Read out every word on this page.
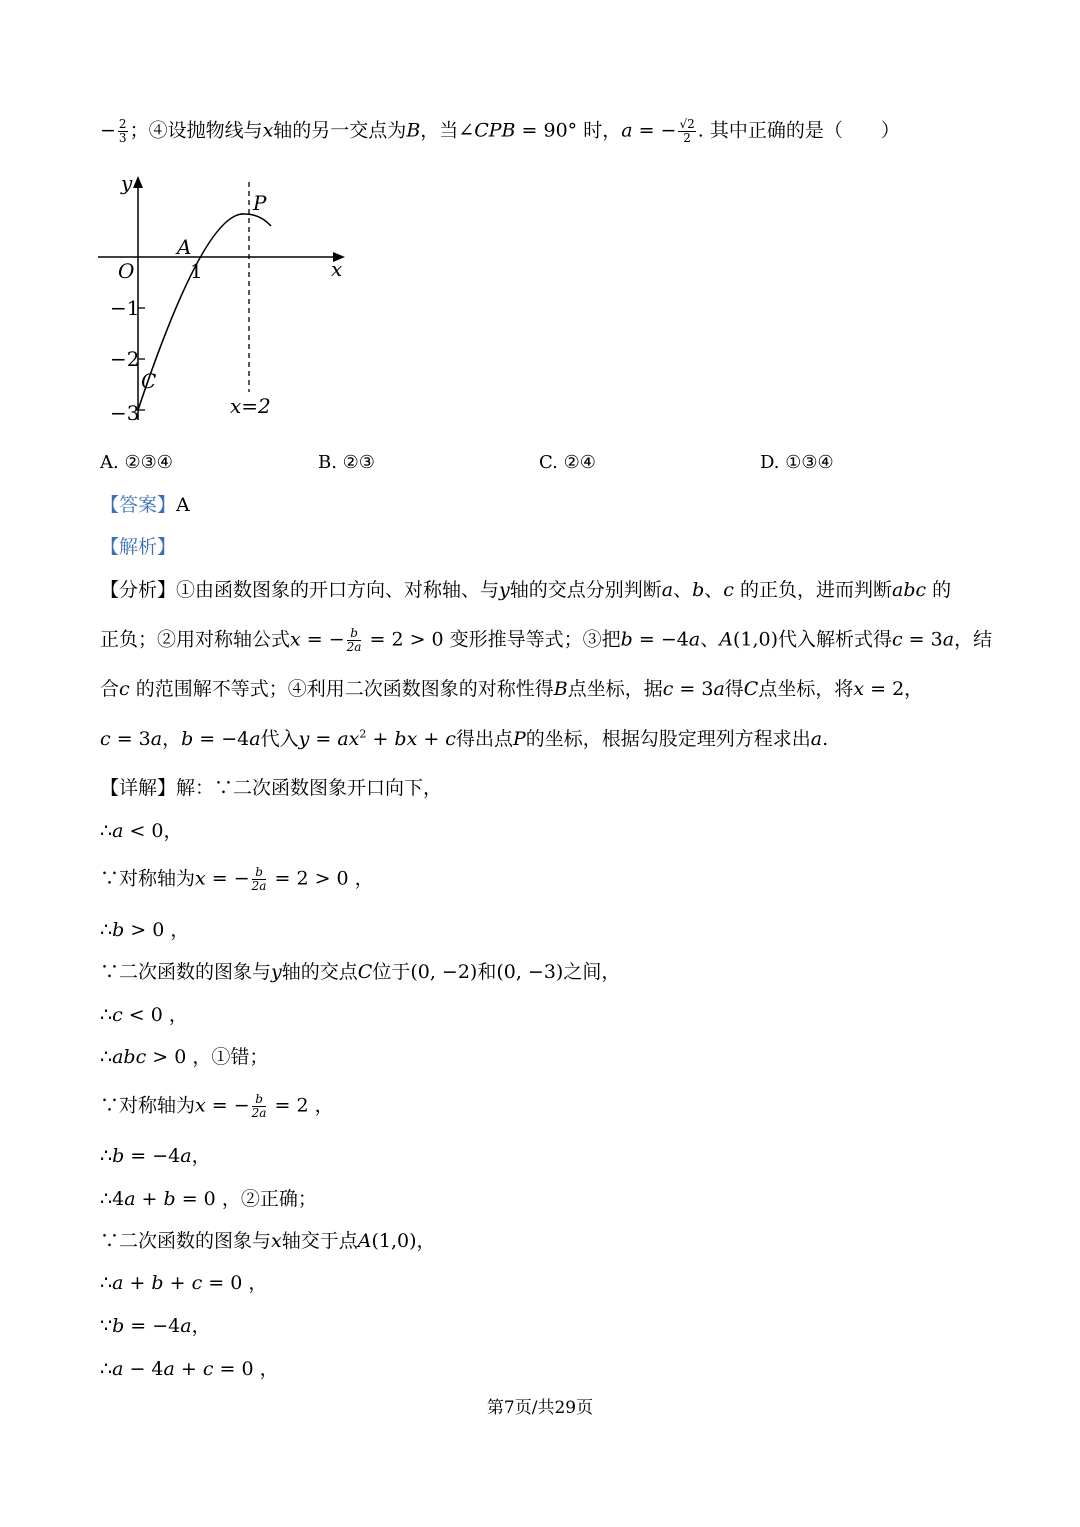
− $\frac{2}{3}$ ；④设抛物线与x轴的另一交点为B，当∠CPB = 90° 时，a = − $\frac{√2}{2}$ . 其中正确的是（　　）
y
x
O
A
P
C
1
−1
−2
−3	x=2
A. ②③④	B. ②③	C. ②④	D. ①③④
【答案】A
【解析】
【分析】①由函数图象的开口方向、对称轴、与y轴的交点分别判断a、b、c 的正负，进而判断abc 的
正负；②用对称轴公式x = − $\frac{b}{2a} = 2 > 0$ 变形推导等式；③把b = −4a、A(1,0)代入解析式得c = 3a，结
合c 的范围解不等式；④利用二次函数图象的对称性得B点坐标，据c = 3a得C点坐标，将x = 2，
c = 3a，b = −4a代入$y = ax^2$ + bx + c得出点P的坐标，根据勾股定理列方程求出a.
【详解】解：∵二次函数图象开口向下，
∴a < 0，
∵对称轴为x = − $\frac{b}{2a} = 2 > 0$ ，
∴b > 0 ，
∵二次函数的图象与y轴的交点C位于(0, −2)和(0, −3)之间，
∴c < 0 ，
∴abc > 0 ，①错；
∵对称轴为x = − $\frac{b}{2a} = 2$ ，
∴b = −4a，
∴4a + b = 0 ，②正确；
∵二次函数的图象与x轴交于点A(1,0)，
∴a + b + c = 0 ，
∵b = −4a，
∴a − 4a + c = 0 ，
第7页/共29页
